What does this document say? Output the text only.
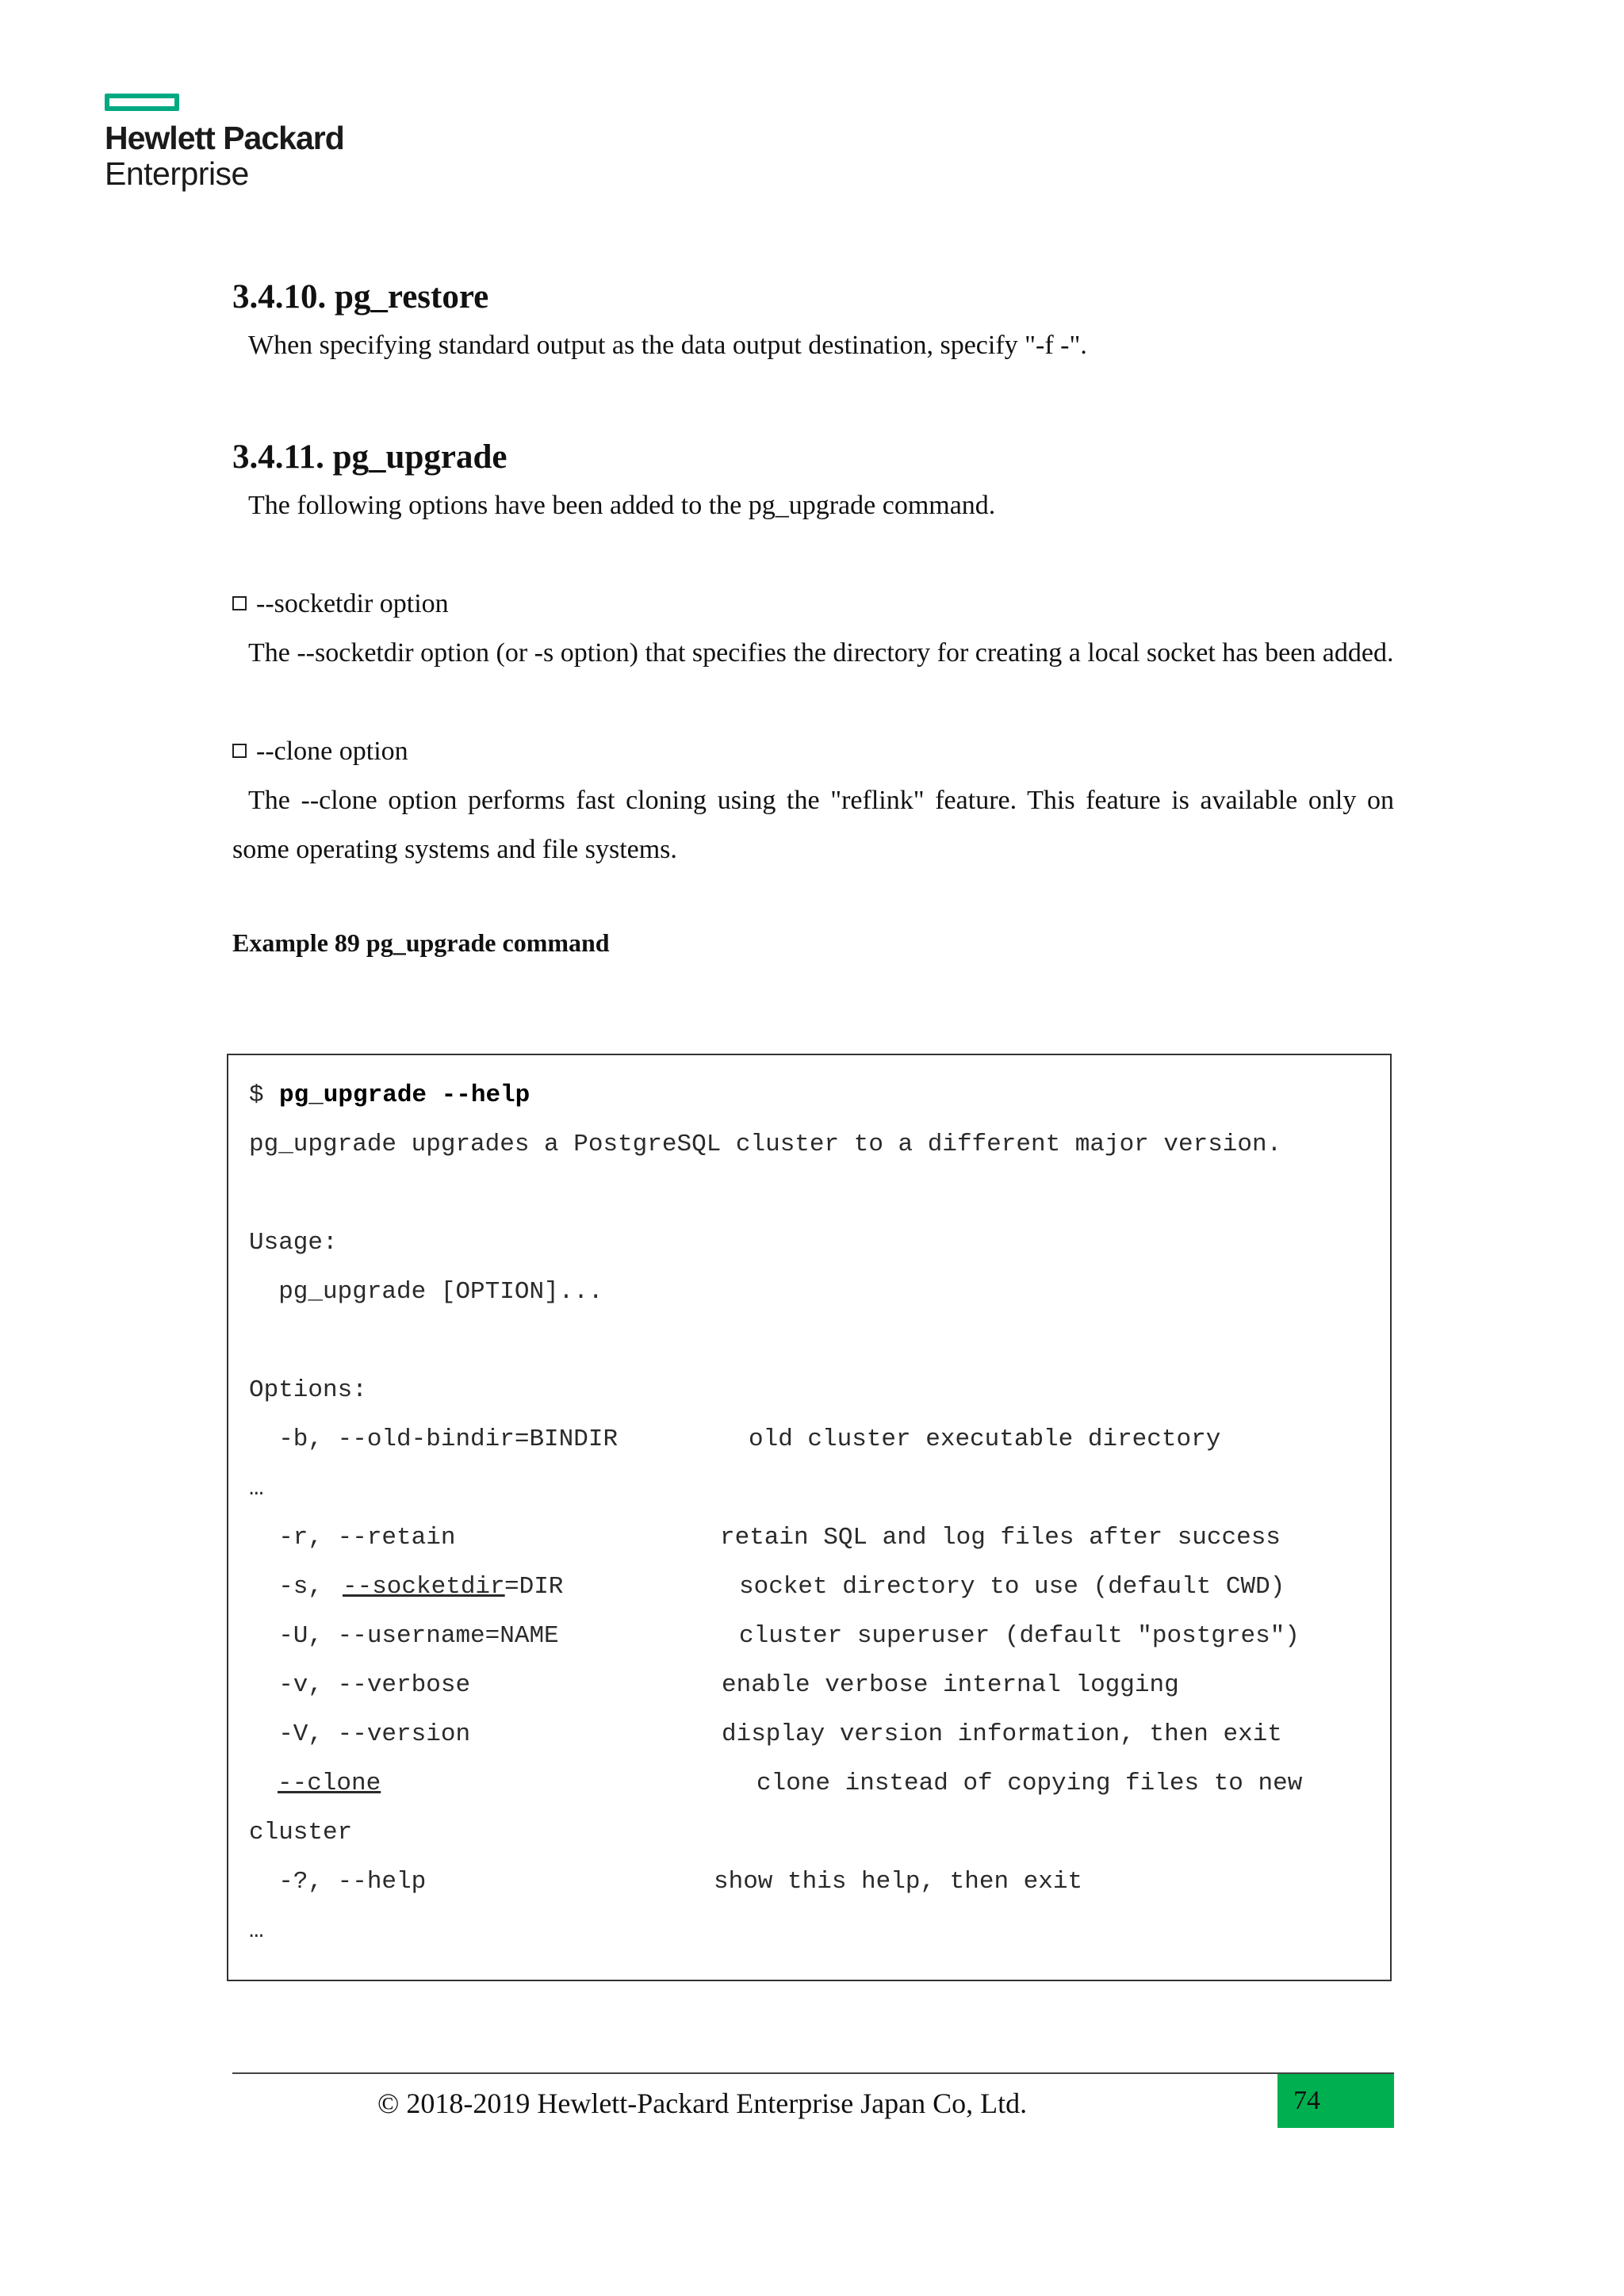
Hewlett Packard
Enterprise
3.4.10. pg_restore

When specifying standard output as the data output destination, specify "-f -".

3.4.11. pg_upgrade

The following options have been added to the pg_upgrade command.

--socketdir option

The --socketdir option (or -s option) that specifies the directory for creating a local socket has been added.

--clone option

The --clone option performs fast cloning using the "reflink" feature. This feature is available only on some operating systems and file systems.

Example 89 pg_upgrade command

$ pg_upgrade --help
pg_upgrade upgrades a PostgreSQL cluster to a different major version.
Usage:
pg_upgrade [OPTION]...
Options:
-b, --old-bindir=BINDIR	old cluster executable directory
…
-r, --retain	retain SQL and log files after success
-s, --socketdir =DIR	socket directory to use (default CWD)
-U, --username=NAME	cluster superuser (default "postgres")
-v, --verbose	enable verbose internal logging
-V, --version	display version information, then exit
--clone	clone instead of copying files to new
cluster
-?, --help	show this help, then exit
…
© 2018-2019 Hewlett-Packard Enterprise Japan Co, Ltd.	74
